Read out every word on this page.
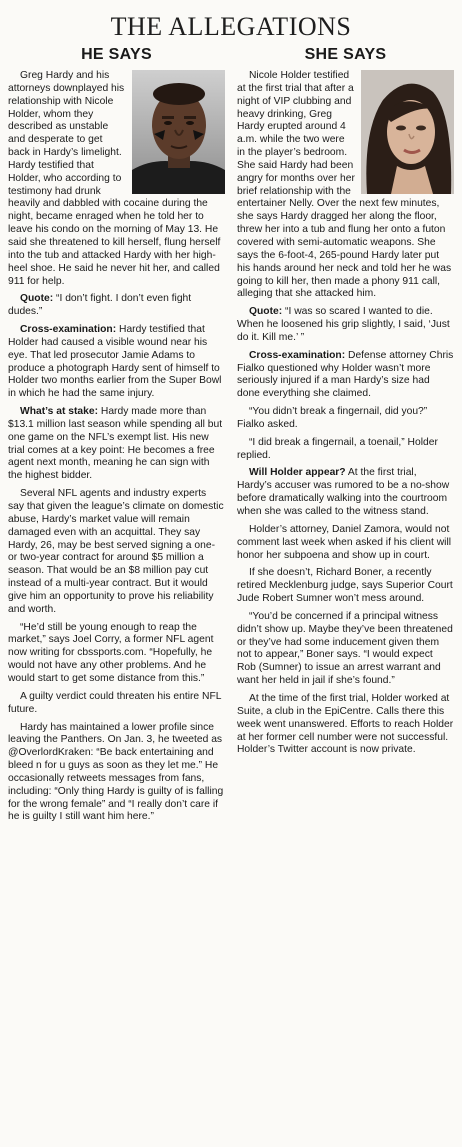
THE ALLEGATIONS
HE SAYS

Greg Hardy and his attorneys downplayed his relationship with Nicole Holder, whom they described as unstable and desperate to get back in Hardy’s limelight. Hardy testified that Holder, who according to testimony had drunk heavily and dabbled with cocaine during the night, became enraged when he told her to leave his condo on the morning of May 13. He said she threatened to kill herself, flung herself into the tub and attacked Hardy with her high-heel shoe. He said he never hit her, and called 911 for help.

Quote: “I don’t fight. I don’t even fight dudes.”

Cross-examination: Hardy testified that Holder had caused a visible wound near his eye. That led prosecutor Jamie Adams to produce a photograph Hardy sent of himself to Holder two months earlier from the Super Bowl in which he had the same injury.

What’s at stake: Hardy made more than $13.1 million last season while spending all but one game on the NFL’s exempt list. His new trial comes at a key point: He becomes a free agent next month, meaning he can sign with the highest bidder.

Several NFL agents and industry experts say that given the league’s climate on domestic abuse, Hardy’s market value will remain damaged even with an acquittal. They say Hardy, 26, may be best served signing a one- or two-year contract for around $5 million a season. That would be an $8 million pay cut instead of a multi-year contract. But it would give him an opportunity to prove his reliability and worth.

“He’d still be young enough to reap the market,” says Joel Corry, a former NFL agent now writing for cbssports.com. “Hopefully, he would not have any other problems. And he would start to get some distance from this.”

A guilty verdict could threaten his entire NFL future.

Hardy has maintained a lower profile since leaving the Panthers. On Jan. 3, he tweeted as @OverlordKraken: “Be back entertaining and bleed n for u guys as soon as they let me.” He occasionally retweets messages from fans, including: “Only thing Hardy is guilty of is falling for the wrong female” and “I really don’t care if he is guilty I still want him here.”

SHE SAYS

Nicole Holder testified at the first trial that after a night of VIP clubbing and heavy drinking, Greg Hardy erupted around 4 a.m. while the two were in the player’s bedroom. She said Hardy had been angry for months over her brief relationship with the entertainer Nelly. Over the next few minutes, she says Hardy dragged her along the floor, threw her into a tub and flung her onto a futon covered with semi-automatic weapons. She says the 6-foot-4, 265-pound Hardy later put his hands around her neck and told her he was going to kill her, then made a phony 911 call, alleging that she attacked him.

Quote: “I was so scared I wanted to die. When he loosened his grip slightly, I said, ‘Just do it. Kill me.’ ”

Cross-examination: Defense attorney Chris Fialko questioned why Holder wasn’t more seriously injured if a man Hardy’s size had done everything she claimed.

“You didn’t break a fingernail, did you?” Fialko asked.

“I did break a fingernail, a toenail,” Holder replied.

Will Holder appear? At the first trial, Hardy’s accuser was rumored to be a no-show before dramatically walking into the courtroom when she was called to the witness stand.

Holder’s attorney, Daniel Zamora, would not comment last week when asked if his client will honor her subpoena and show up in court.

If she doesn’t, Richard Boner, a recently retired Mecklenburg judge, says Superior Court Jude Robert Sumner won’t mess around.

“You’d be concerned if a principal witness didn’t show up. Maybe they’ve been threatened or they’ve had some inducement given them not to appear,” Boner says. “I would expect Rob (Sumner) to issue an arrest warrant and want her held in jail if she’s found.”

At the time of the first trial, Holder worked at Suite, a club in the EpiCentre. Calls there this week went unanswered. Efforts to reach Holder at her former cell number were not successful. Holder’s Twitter account is now private.
